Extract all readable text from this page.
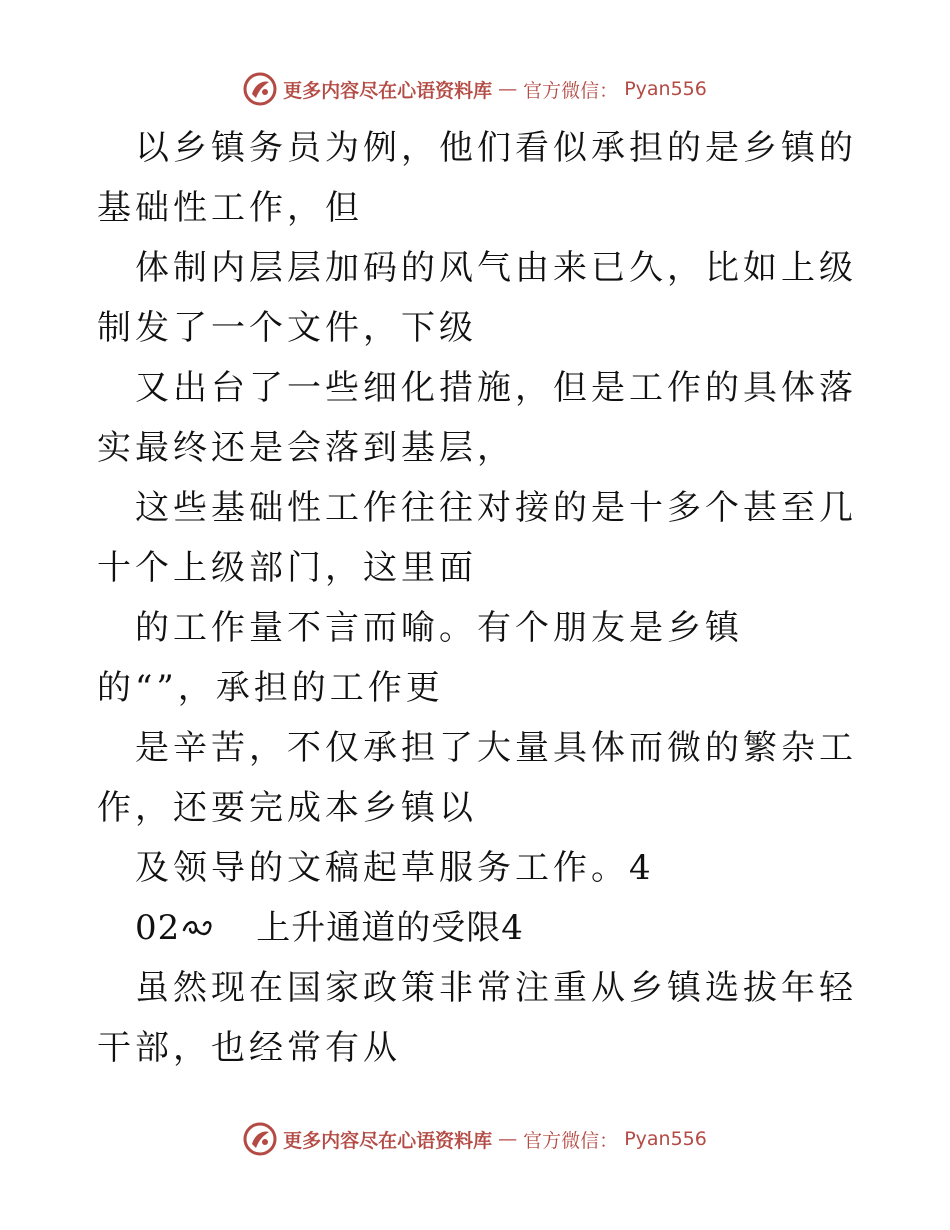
更多内容尽在心语资料库 — 官方微信： Pyan556

以乡镇务员为例，他们看似承担的是乡镇的基础性工作，但

体制内层层加码的风气由来已久，比如上级制发了一个文件，下级

又出台了一些细化措施，但是工作的具体落实最终还是会落到基层，

这些基础性工作往往对接的是十多个甚至几十个上级部门，这里面

的工作量不言而喻。有个朋友是乡镇的“”，承担的工作更

是辛苦，不仅承担了大量具体而微的繁杂工作，还要完成本乡镇以

及领导的文稿起草服务工作。4

02	上升通道的受限4

虽然现在国家政策非常注重从乡镇选拔年轻干部，也经常有从

更多内容尽在心语资料库 — 官方微信： Pyan556
